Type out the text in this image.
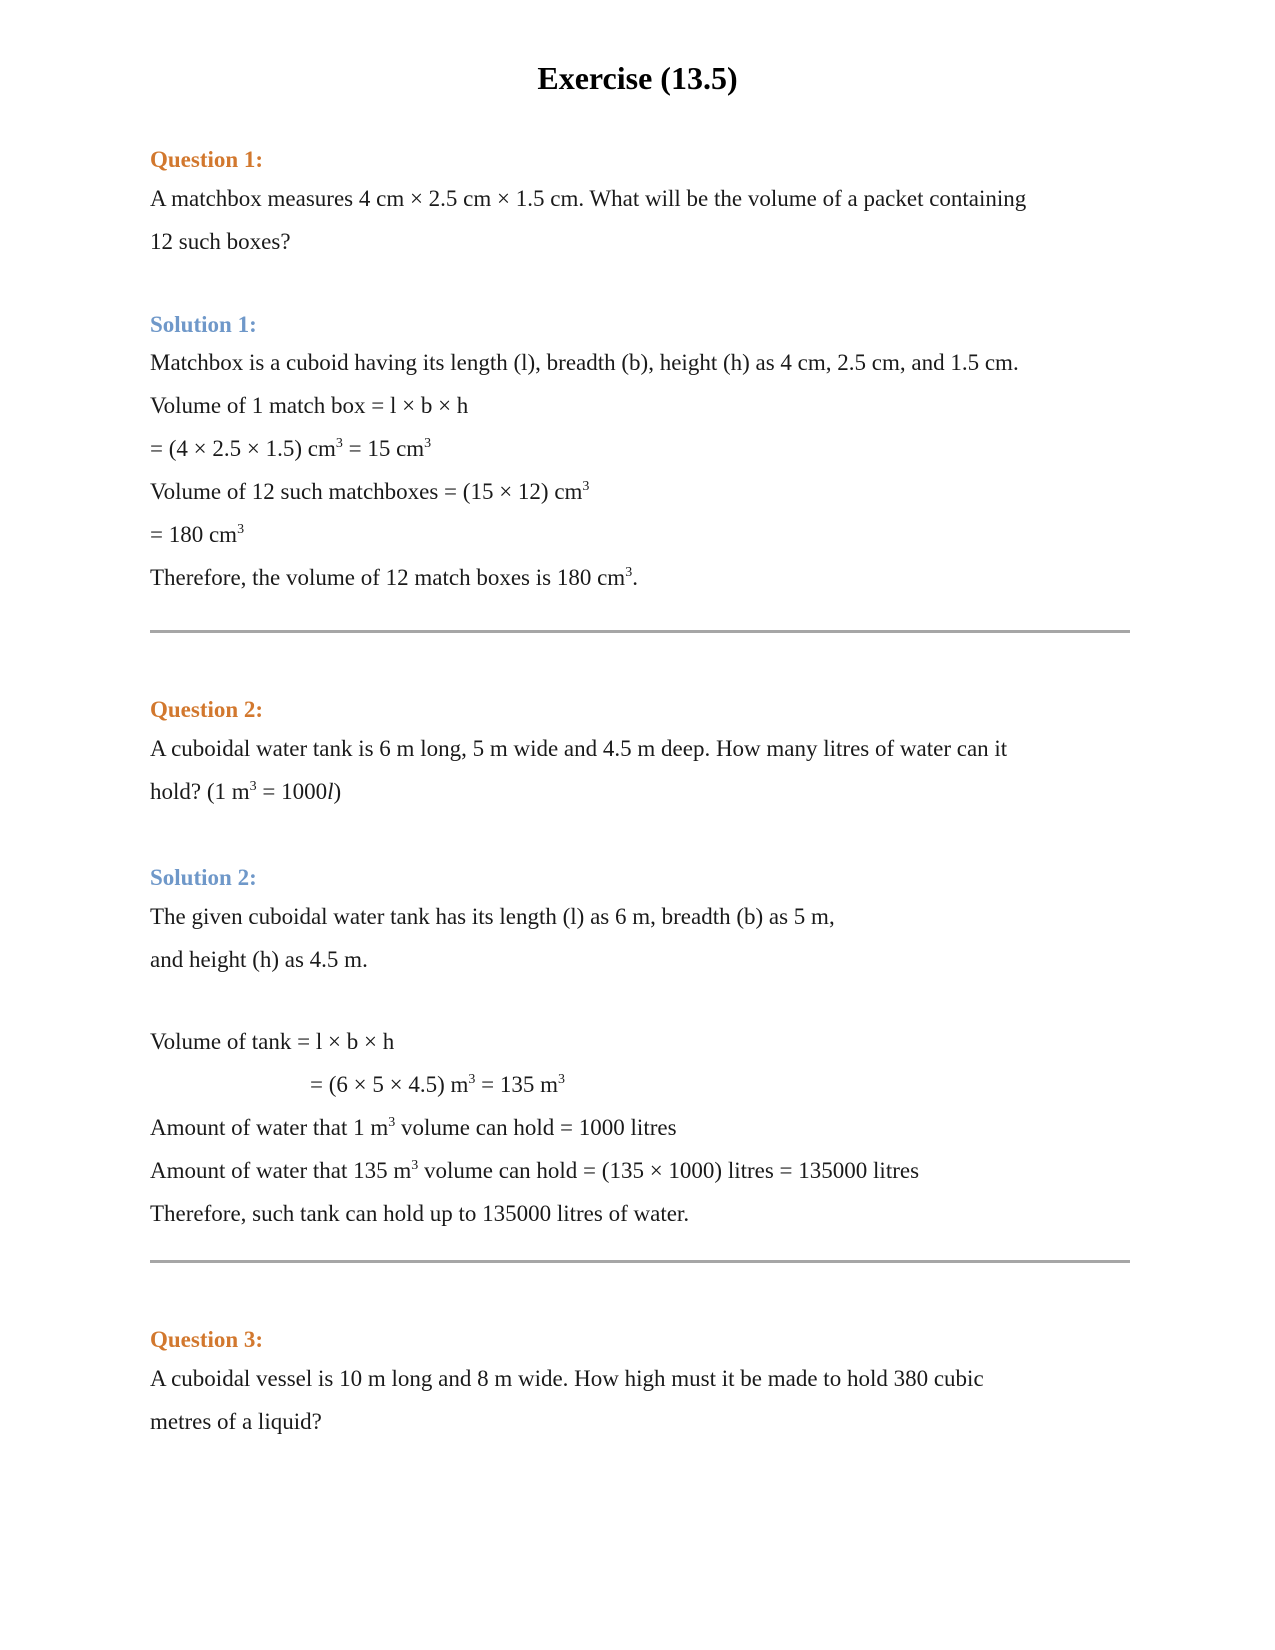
Exercise (13.5)
Question 1:
A matchbox measures 4 cm × 2.5 cm × 1.5 cm. What will be the volume of a packet containing
12 such boxes?
Solution 1:
Matchbox is a cuboid having its length (l), breadth (b), height (h) as 4 cm, 2.5 cm, and 1.5 cm.
Volume of 1 match box = l × b × h
= (4 × 2.5 × 1.5) $cm^3 = 15$ $cm^3$
Volume of 12 such matchboxes = (15 × 12) $cm^3$
= 180 $cm^3$
Therefore, the volume of 12 match boxes is 180 $cm^3$.
Question 2:
A cuboidal water tank is 6 m long, 5 m wide and 4.5 m deep. How many litres of water can it
hold? (1 $m^3 = 1000l$)
Solution 2:
The given cuboidal water tank has its length (l) as 6 m, breadth (b) as 5 m,
and height (h) as 4.5 m.
Volume of tank = l × b × h
= (6 × 5 × 4.5) $m^3 = 135$ $m^3$
Amount of water that 1 $m^3$ volume can hold = 1000 litres
Amount of water that 135 $m^3$ volume can hold = (135 × 1000) litres = 135000 litres
Therefore, such tank can hold up to 135000 litres of water.
Question 3:
A cuboidal vessel is 10 m long and 8 m wide. How high must it be made to hold 380 cubic
metres of a liquid?
